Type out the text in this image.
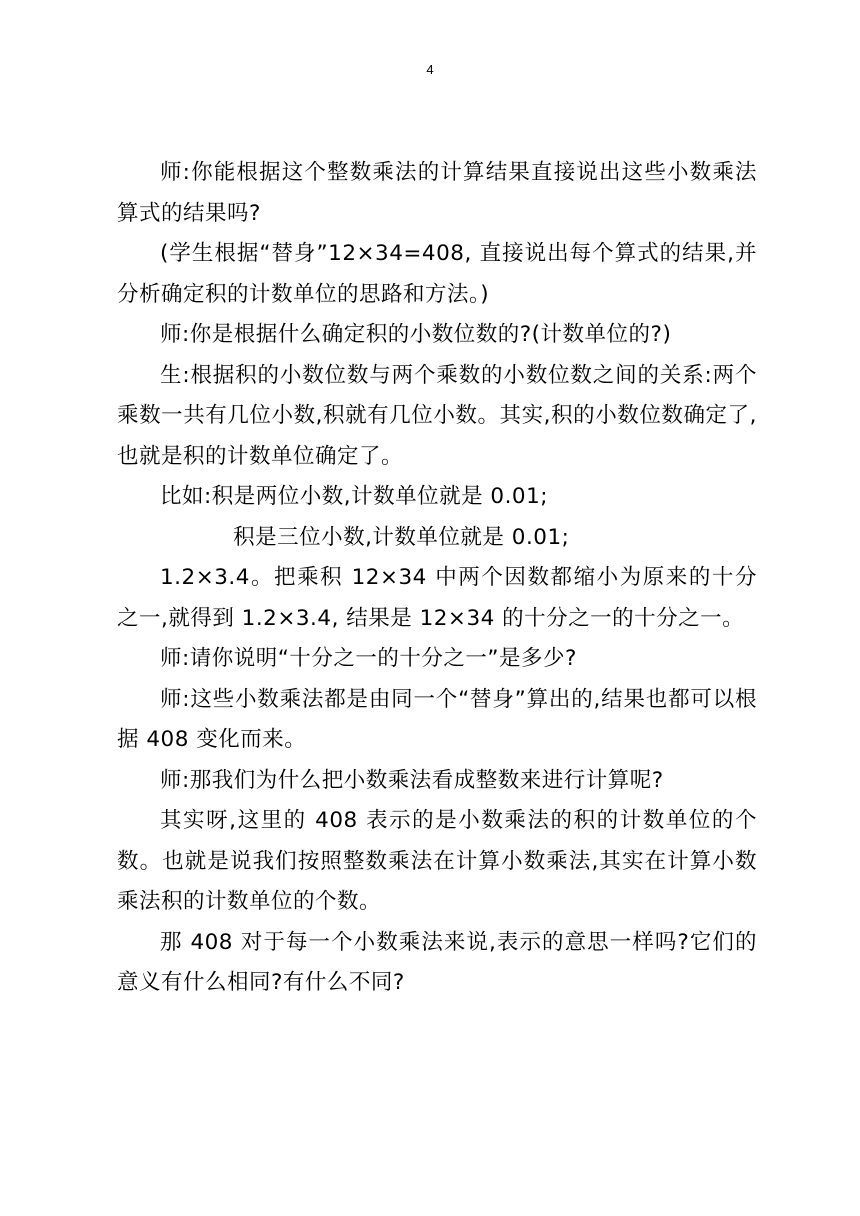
4

师:你能根据这个整数乘法的计算结果直接说出这些小数乘法算式的结果吗?

(学生根据“替身”12×34=408, 直接说出每个算式的结果,并分析确定积的计数单位的思路和方法。)

师:你是根据什么确定积的小数位数的?(计数单位的?)

生:根据积的小数位数与两个乘数的小数位数之间的关系:两个乘数一共有几位小数,积就有几位小数。其实,积的小数位数确定了,也就是积的计数单位确定了。

比如:积是两位小数,计数单位就是 0.01;

积是三位小数,计数单位就是 0.01;

1.2×3.4。把乘积 12×34 中两个因数都缩小为原来的十分之一,就得到 1.2×3.4, 结果是 12×34 的十分之一的十分之一。

师:请你说明“十分之一的十分之一”是多少?

师:这些小数乘法都是由同一个“替身”算出的,结果也都可以根据 408 变化而来。

师:那我们为什么把小数乘法看成整数来进行计算呢?

其实呀,这里的 408 表示的是小数乘法的积的计数单位的个数。也就是说我们按照整数乘法在计算小数乘法,其实在计算小数乘法积的计数单位的个数。

那 408 对于每一个小数乘法来说,表示的意思一样吗?它们的意义有什么相同?有什么不同?
